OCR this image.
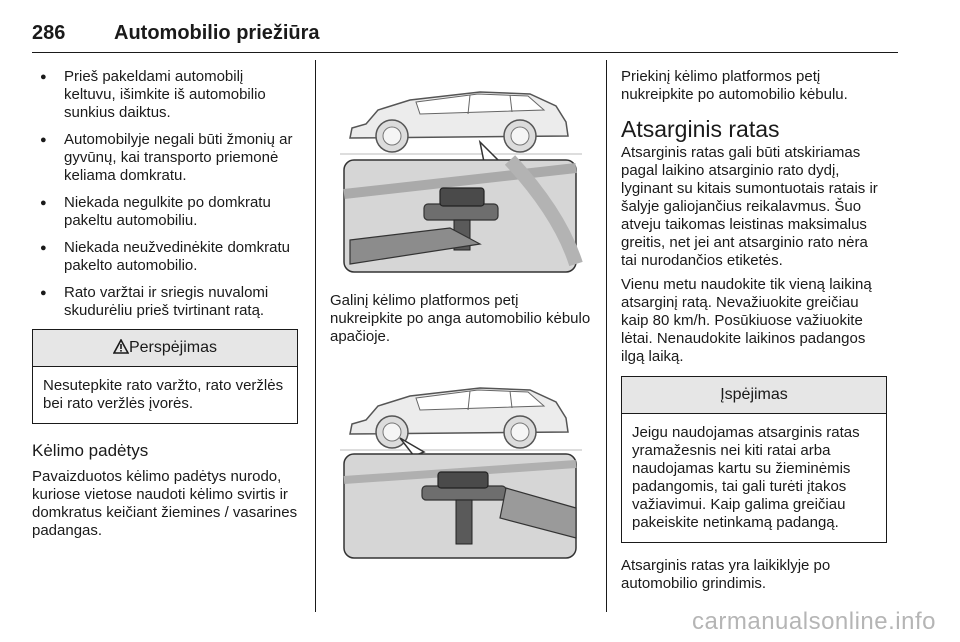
286 Automobilio priežiūra
● Prieš pakeldami automobilį keltuvu, išimkite iš automobilio sunkius daiktus.
● Automobilyje negali būti žmonių ar gyvūnų, kai transporto priemonė keliama domkratu.
● Niekada negulkite po domkratu pakeltu automobiliu.
● Niekada neužvedinėkite domkratu pakelto automobilio.
● Rato varžtai ir sriegis nuvalomi skudurėliu prieš tvirtinant ratą.
Perspėjimas
Nesutepkite rato varžto, rato veržlės bei rato veržlės įvorės.
Kėlimo padėtys

Pavaizduotos kėlimo padėtys nurodo, kuriose vietose naudoti kėlimo svirtis ir domkratus keičiant žiemines / vasarines padangas.

Galinį kėlimo platformos petį nukreipkite po anga automobilio kėbulo apačioje.

Priekinį kėlimo platformos petį nukreipkite po automobilio kėbulu.

Atsarginis ratas

Atsarginis ratas gali būti atskiriamas pagal laikino atsarginio rato dydį, lyginant su kitais sumontuotais ratais ir šalyje galiojančius reikalavmus. Šuo atveju taikomas leistinas maksimalus greitis, net jei ant atsarginio rato nėra tai nurodančios etiketės.

Vienu metu naudokite tik vieną laikiną atsarginį ratą. Nevažiuokite greičiau kaip 80 km/h. Posūkiuose važiuokite lėtai. Nenaudokite laikinos padangos ilgą laiką.

Įspėjimas
Jeigu naudojamas atsarginis ratas yramažesnis nei kiti ratai arba naudojamas kartu su žieminėmis padangomis, tai gali turėti įtakos važiavimui. Kaip galima greičiau pakeiskite netinkamą padangą.

Atsarginis ratas yra laikiklyje po automobilio grindimis.

carmanualsonline.info
